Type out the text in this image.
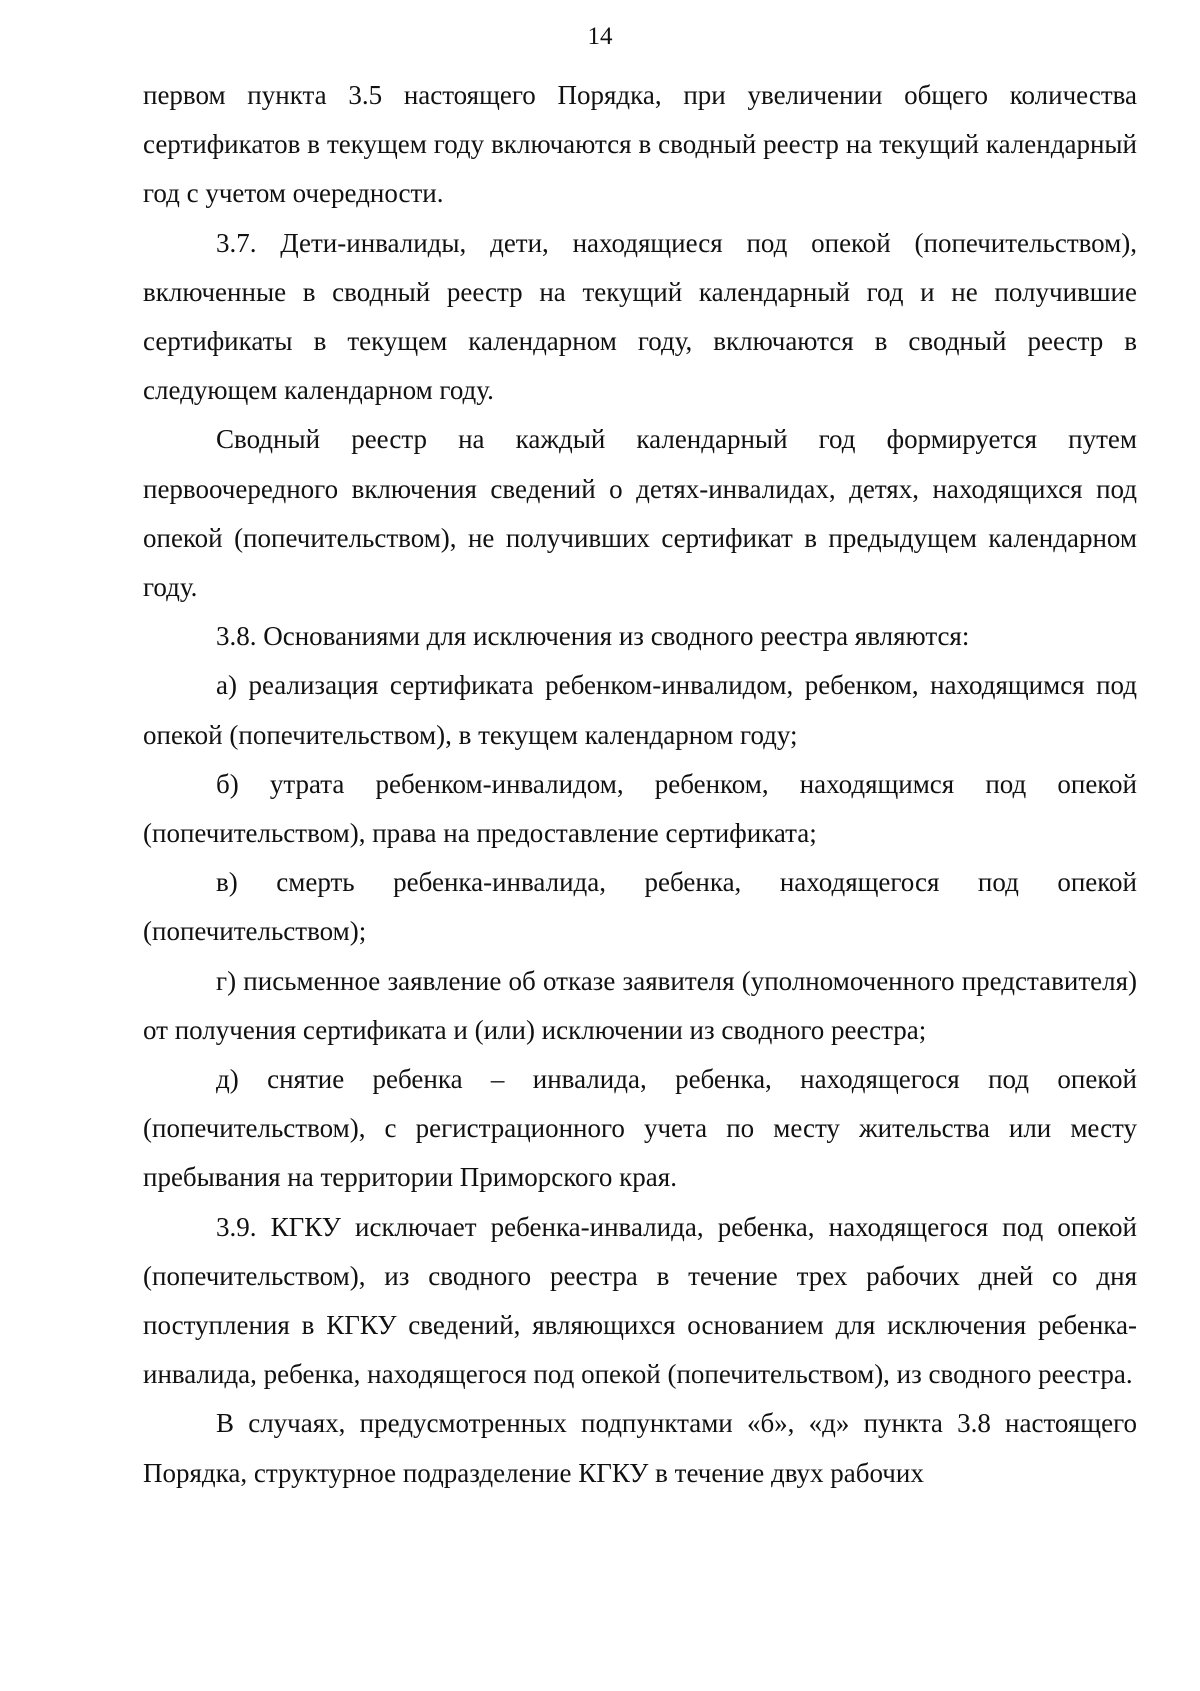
14

первом пункта 3.5 настоящего Порядка, при увеличении общего количества сертификатов в текущем году включаются в сводный реестр на текущий календарный год с учетом очередности.

3.7. Дети-инвалиды, дети, находящиеся под опекой (попечительством), включенные в сводный реестр на текущий календарный год и не получившие сертификаты в текущем календарном году, включаются в сводный реестр в следующем календарном году.

Сводный реестр на каждый календарный год формируется путем первоочередного включения сведений о детях-инвалидах, детях, находящихся под опекой (попечительством), не получивших сертификат в предыдущем календарном году.

3.8. Основаниями для исключения из сводного реестра являются:

а) реализация сертификата ребенком-инвалидом, ребенком, находящимся под опекой (попечительством), в текущем календарном году;

б) утрата ребенком-инвалидом, ребенком, находящимся под опекой (попечительством), права на предоставление сертификата;

в) смерть ребенка-инвалида, ребенка, находящегося под опекой (попечительством);

г) письменное заявление об отказе заявителя (уполномоченного представителя) от получения сертификата и (или) исключении из сводного реестра;

д) снятие ребенка – инвалида, ребенка, находящегося под опекой (попечительством), с регистрационного учета по месту жительства или месту пребывания на территории Приморского края.

3.9. КГКУ исключает ребенка-инвалида, ребенка, находящегося под опекой (попечительством), из сводного реестра в течение трех рабочих дней со дня поступления в КГКУ сведений, являющихся основанием для исключения ребенка-инвалида, ребенка, находящегося под опекой (попечительством), из сводного реестра.

В случаях, предусмотренных подпунктами «б», «д» пункта 3.8 настоящего Порядка, структурное подразделение КГКУ в течение двух рабочих
